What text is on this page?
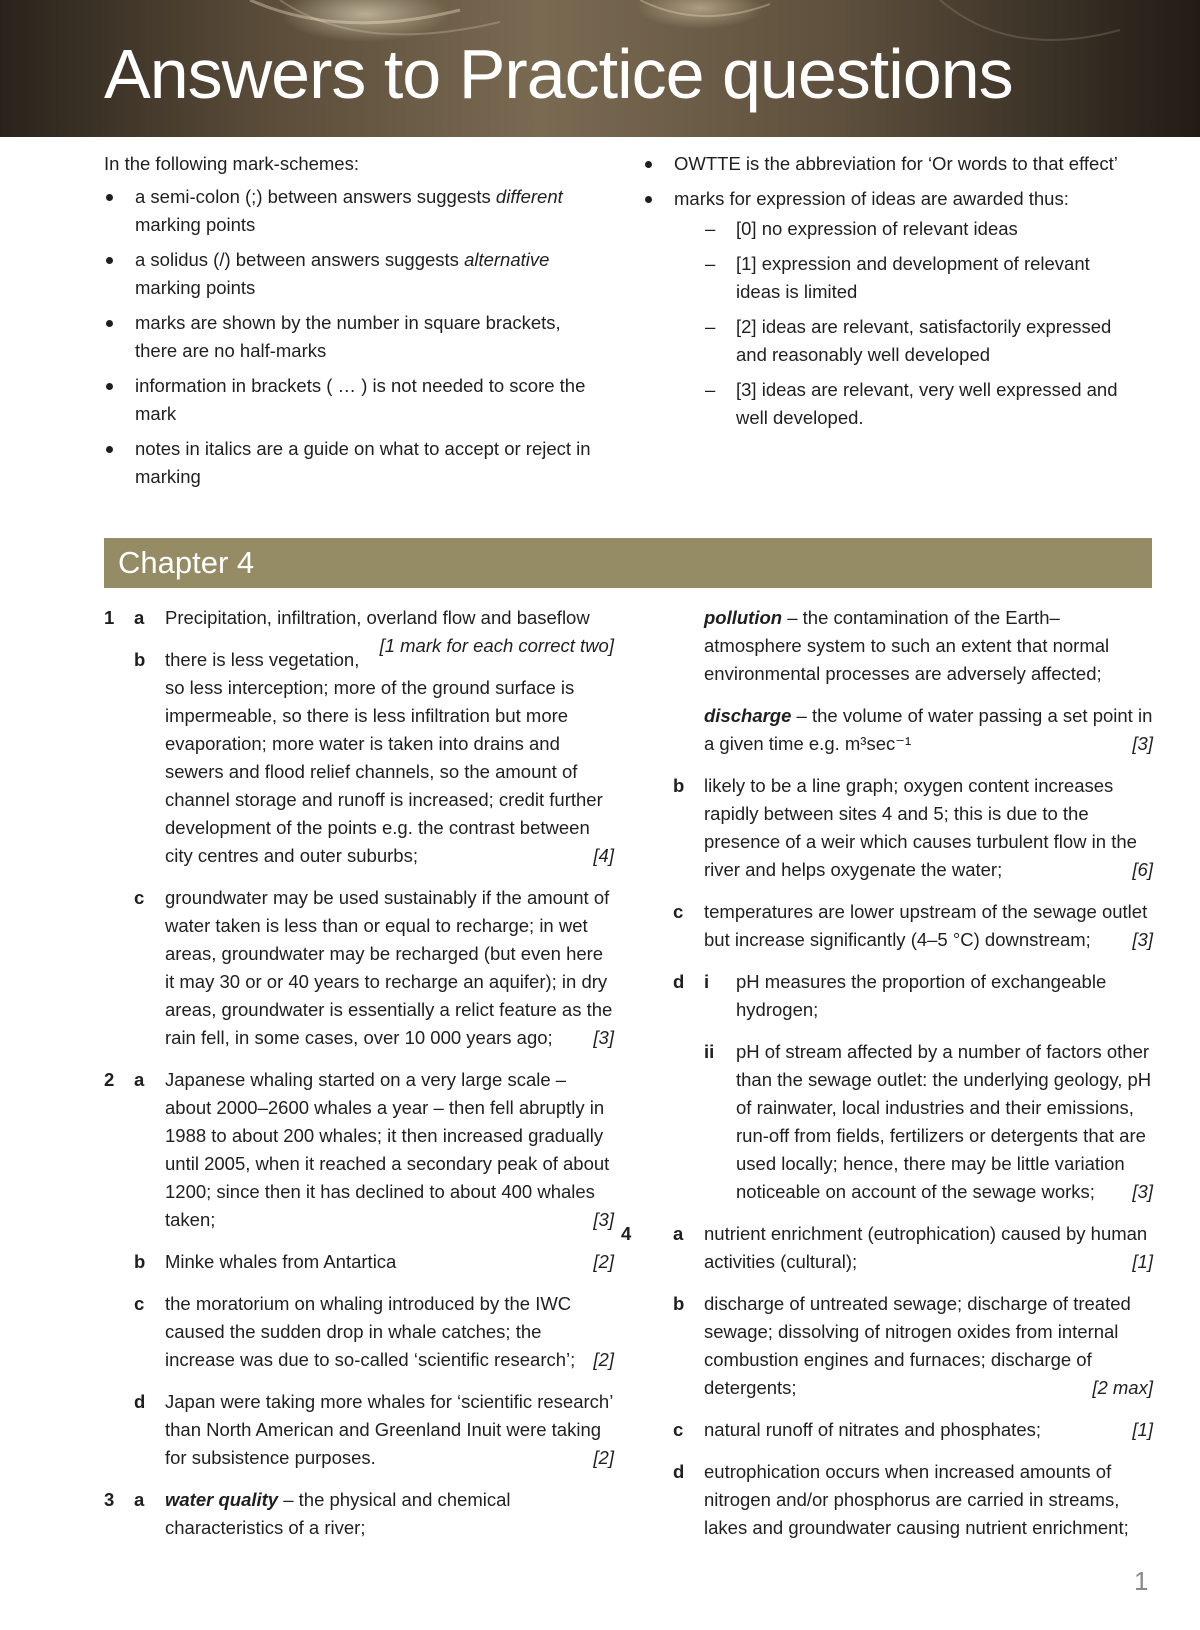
Answers to Practice questions

In the following mark-schemes:

a semi-colon (;) between answers suggests different marking points
a solidus (/) between answers suggests alternative marking points
marks are shown by the number in square brackets, there are no half-marks
information in brackets ( … ) is not needed to score the mark
notes in italics are a guide on what to accept or reject in marking
OWTTE is the abbreviation for ‘Or words to that effect’
marks for expression of ideas are awarded thus:
– [0] no expression of relevant ideas
– [1] expression and development of relevant ideas is limited
– [2] ideas are relevant, satisfactorily expressed and reasonably well developed
– [3] ideas are relevant, very well expressed and well developed.
Chapter 4
1 a Precipitation, infiltration, overland flow and baseflow
[1 mark for each correct two]
b there is less vegetation, so less interception; more of the ground surface is impermeable, so there is less infiltration but more evaporation; more water is taken into drains and sewers and flood relief channels, so the amount of channel storage and runoff is increased; credit further development of the points e.g. the contrast between city centres and outer suburbs;	[4]
c groundwater may be used sustainably if the amount of water taken is less than or equal to recharge; in wet areas, groundwater may be recharged (but even here it may 30 or or 40 years to recharge an aquifer); in dry areas, groundwater is essentially a relict feature as the rain fell, in some cases, over 10 000 years ago;	[3]
2 a Japanese whaling started on a very large scale – about 2000–2600 whales a year – then fell abruptly in 1988 to about 200 whales; it then increased gradually until 2005, when it reached a secondary peak of about 1200; since then it has declined to about 400 whales taken;	[3]
b Minke whales from Antartica	[2]
c the moratorium on whaling introduced by the IWC caused the sudden drop in whale catches; the increase was due to so-called ‘scientific research’; [2]
d Japan were taking more whales for ‘scientific research’ than North American and Greenland Inuit were taking for subsistence purposes.	[2]
3 a water quality – the physical and chemical characteristics of a river;
pollution – the contamination of the Earth–atmosphere system to such an extent that normal environmental processes are adversely affected;
discharge – the volume of water passing a set point in a given time e.g. m³sec⁻¹	[3]
b likely to be a line graph; oxygen content increases rapidly between sites 4 and 5; this is due to the presence of a weir which causes turbulent flow in the river and helps oxygenate the water;	[6]
c temperatures are lower upstream of the sewage outlet but increase significantly (4–5 °C) downstream;	[3]
d i pH measures the proportion of exchangeable hydrogen;
ii pH of stream affected by a number of factors other than the sewage outlet: the underlying geology, pH of rainwater, local industries and their emissions, run-off from fields, fertilizers or detergents that are used locally; hence, there may be little variation noticeable on account of the sewage works;	[3]
4 a nutrient enrichment (eutrophication) caused by human activities (cultural);	[1]
b discharge of untreated sewage; discharge of treated sewage; dissolving of nitrogen oxides from internal combustion engines and furnaces; discharge of detergents;	[2 max]
c natural runoff of nitrates and phosphates;	[1]
d eutrophication occurs when increased amounts of nitrogen and/or phosphorus are carried in streams, lakes and groundwater causing nutrient enrichment;
1
